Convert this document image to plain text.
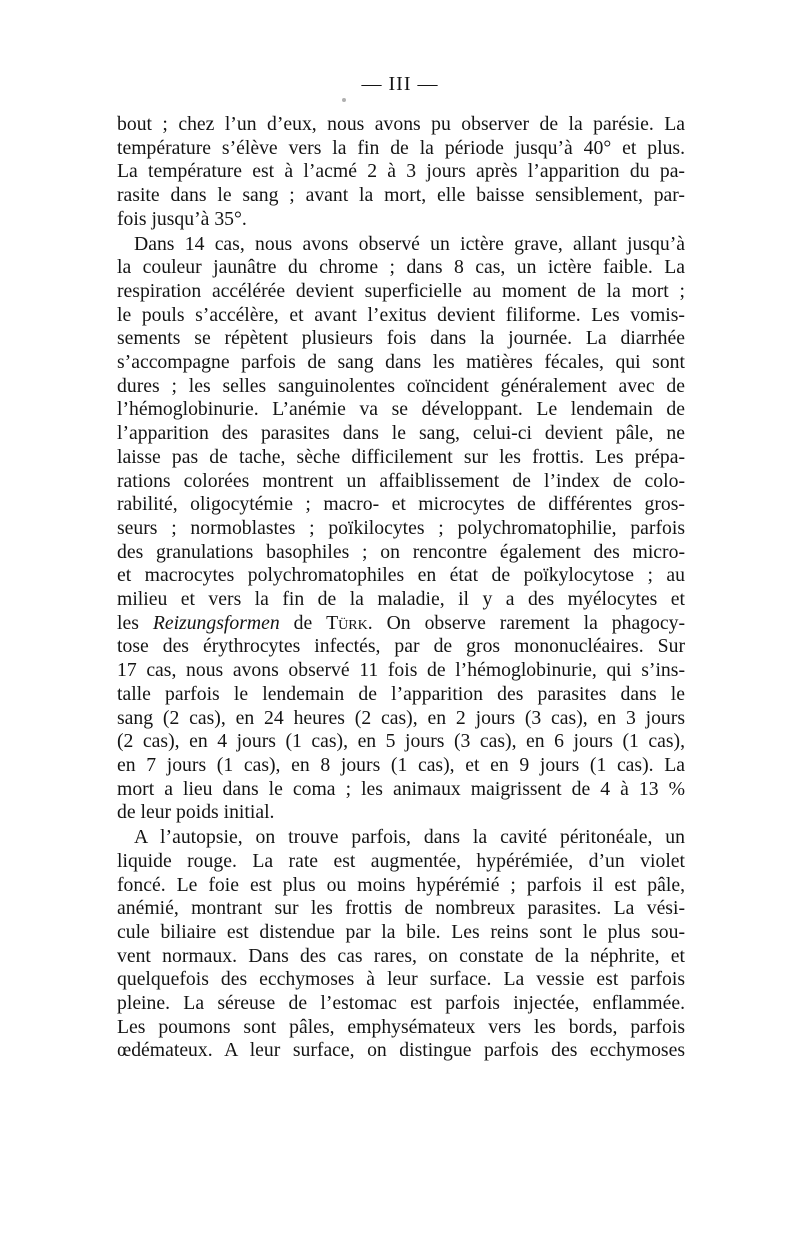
— III —

bout ; chez l’un d’eux, nous avons pu observer de la parésie. La
température s’élève vers la fin de la période jusqu’à 40° et plus.
La température est à l’acmé 2 à 3 jours après l’apparition du pa-
rasite dans le sang ; avant la mort, elle baisse sensiblement, par-
fois jusqu’à 35°.

Dans 14 cas, nous avons observé un ictère grave, allant jusqu’à
la couleur jaunâtre du chrome ; dans 8 cas, un ictère faible. La
respiration accélérée devient superficielle au moment de la mort ;
le pouls s’accélère, et avant l’exitus devient filiforme. Les vomis-
sements se répètent plusieurs fois dans la journée. La diarrhée
s’accompagne parfois de sang dans les matières fécales, qui sont
dures ; les selles sanguinolentes coïncident généralement avec de
l’hémoglobinurie. L’anémie va se développant. Le lendemain de
l’apparition des parasites dans le sang, celui-ci devient pâle, ne
laisse pas de tache, sèche difficilement sur les frottis. Les prépa-
rations colorées montrent un affaiblissement de l’index de colo-
rabilité, oligocytémie ; macro- et microcytes de différentes gros-
seurs ; normoblastes ; poïkilocytes ; polychromatophilie, parfois
des granulations basophiles ; on rencontre également des micro-
et macrocytes polychromatophiles en état de poïkylocytose ; au
milieu et vers la fin de la maladie, il y a des myélocytes et
les Reizungsformen de Türk. On observe rarement la phagocy-
tose des érythrocytes infectés, par de gros mononucléaires. Sur
17 cas, nous avons observé 11 fois de l’hémoglobinurie, qui s’ins-
talle parfois le lendemain de l’apparition des parasites dans le
sang (2 cas), en 24 heures (2 cas), en 2 jours (3 cas), en 3 jours
(2 cas), en 4 jours (1 cas), en 5 jours (3 cas), en 6 jours (1 cas),
en 7 jours (1 cas), en 8 jours (1 cas), et en 9 jours (1 cas). La
mort a lieu dans le coma ; les animaux maigrissent de 4 à 13 %
de leur poids initial.

A l’autopsie, on trouve parfois, dans la cavité péritonéale, un
liquide rouge. La rate est augmentée, hypérémiée, d’un violet
foncé. Le foie est plus ou moins hypérémié ; parfois il est pâle,
anémié, montrant sur les frottis de nombreux parasites. La vési-
cule biliaire est distendue par la bile. Les reins sont le plus sou-
vent normaux. Dans des cas rares, on constate de la néphrite, et
quelquefois des ecchymoses à leur surface. La vessie est parfois
pleine. La séreuse de l’estomac est parfois injectée, enflammée.
Les poumons sont pâles, emphysémateux vers les bords, parfois
œdémateux. A leur surface, on distingue parfois des ecchymoses
